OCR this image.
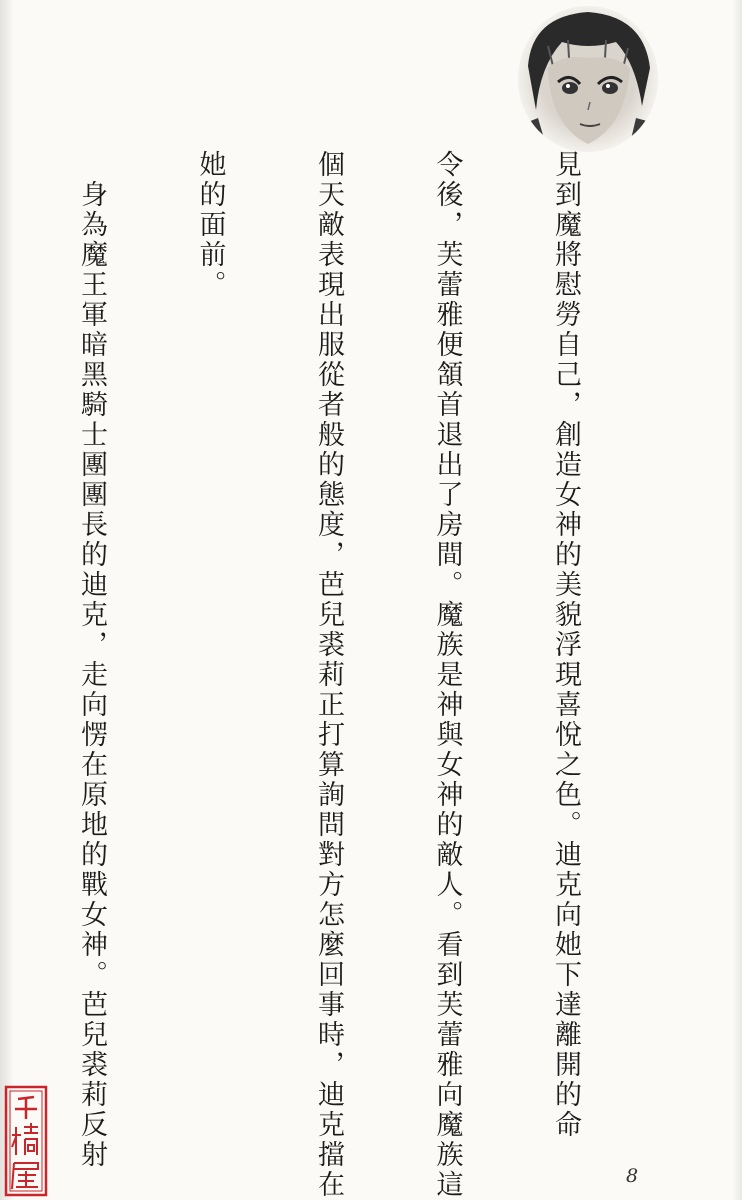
見到魔將慰勞自己，創造女神的美貌浮現喜悅之色。迪克向她下達離開的命

令後，芙蕾雅便頷首退出了房間。魔族是神與女神的敵人。看到芙蕾雅向魔族這

個天敵表現出服從者般的態度，芭兒裘莉正打算詢問對方怎麼回事時，迪克擋在

她的面前。

　身為魔王軍暗黑騎士團團長的迪克，走向愣在原地的戰女神。芭兒裘莉反射

8
